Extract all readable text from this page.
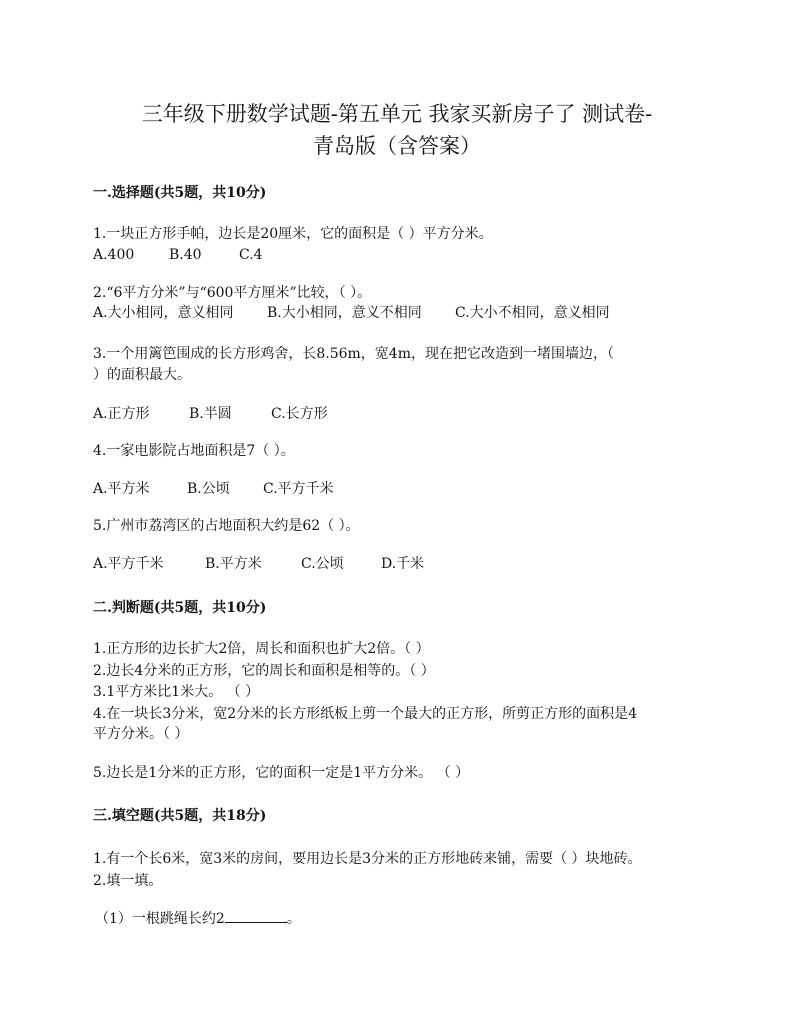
三年级下册数学试题-第五单元 我家买新房子了 测试卷-
青岛版（含答案）
一.选择题(共5题，共10分)
1.一块正方形手帕，边长是20厘米，它的面积是（ ）平方分米。
A.400 B.40	C.4
2.“6平方分米”与“600平方厘米”比较，（ ）。
A.大小相同，意义相同 B.大小相同，意义不相同 C.大小不相同，意义相同
3.一个用篱笆围成的长方形鸡舍，长8.56m，宽4m，现在把它改造到一堵围墙边，（
）的面积最大。
A.正方形	B.半圆	C.长方形
4.一家电影院占地面积是7（ ）。
A.平方米	B.公顷 C.平方千米
5.广州市荔湾区的占地面积大约是62（ ）。
A.平方千米	B.平方米	C.公顷	D.千米
二.判断题(共5题，共10分)
1.正方形的边长扩大2倍，周长和面积也扩大2倍。（ ）
2.边长4分米的正方形，它的周长和面积是相等的。（ ）
3.1平方米比1米大。 （ ）
4.在一块长3分米，宽2分米的长方形纸板上剪一个最大的正方形，所剪正方形的面积是4
平方分米。（ ）
5.边长是1分米的正方形，它的面积一定是1平方分米。 （ ）
三.填空题(共5题，共18分)
1.有一个长6米，宽3米的房间，要用边长是3分米的正方形地砖来铺，需要（ ）块地砖。
2.填一填。
（1）一根跳绳长约2	。
